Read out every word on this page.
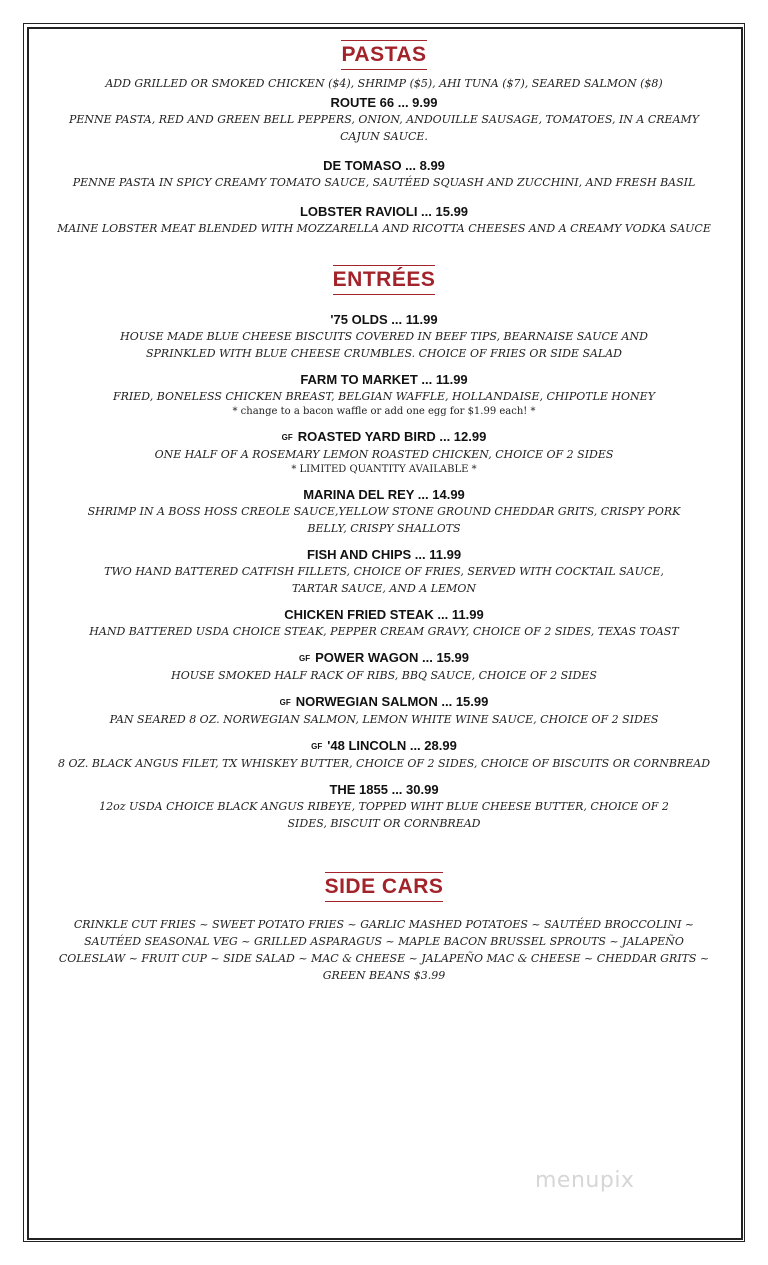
PASTAS
ADD GRILLED OR SMOKED CHICKEN ($4), SHRIMP ($5), AHI TUNA ($7), SEARED SALMON ($8)
ROUTE 66 ... 9.99
PENNE PASTA, RED AND GREEN BELL PEPPERS, ONION, ANDOUILLE SAUSAGE, TOMATOES, IN A CREAMY CAJUN SAUCE.
DE TOMASO ... 8.99
PENNE PASTA IN SPICY CREAMY TOMATO SAUCE, SAUTÉED SQUASH AND ZUCCHINI, AND FRESH BASIL
LOBSTER RAVIOLI ... 15.99
MAINE LOBSTER MEAT BLENDED WITH MOZZARELLA AND RICOTTA CHEESES AND A CREAMY VODKA SAUCE
ENTRÉES
'75 OLDS ... 11.99
HOUSE MADE BLUE CHEESE BISCUITS COVERED IN BEEF TIPS, BEARNAISE SAUCE AND SPRINKLED WITH BLUE CHEESE CRUMBLES. CHOICE OF FRIES OR SIDE SALAD
FARM TO MARKET ... 11.99
FRIED, BONELESS CHICKEN BREAST, BELGIAN WAFFLE, HOLLANDAISE, CHIPOTLE HONEY
* change to a bacon waffle or add one egg for $1.99 each! *
GF ROASTED YARD BIRD ... 12.99
ONE HALF OF A ROSEMARY LEMON ROASTED CHICKEN, CHOICE OF 2 SIDES
* LIMITED QUANTITY AVAILABLE *
MARINA DEL REY ... 14.99
SHRIMP IN A BOSS HOSS CREOLE SAUCE,YELLOW STONE GROUND CHEDDAR GRITS, CRISPY PORK BELLY, CRISPY SHALLOTS
FISH AND CHIPS ... 11.99
TWO HAND BATTERED CATFISH FILLETS, CHOICE OF FRIES, SERVED WITH COCKTAIL SAUCE, TARTAR SAUCE, AND A LEMON
CHICKEN FRIED STEAK ... 11.99
HAND BATTERED USDA CHOICE STEAK, PEPPER CREAM GRAVY, CHOICE OF 2 SIDES, TEXAS TOAST
GF POWER WAGON ... 15.99
HOUSE SMOKED HALF RACK OF RIBS, BBQ SAUCE, CHOICE OF 2 SIDES
GF NORWEGIAN SALMON ... 15.99
PAN SEARED 8 OZ. NORWEGIAN SALMON, LEMON WHITE WINE SAUCE, CHOICE OF 2 SIDES
GF '48 LINCOLN ... 28.99
8 OZ. BLACK ANGUS FILET, TX WHISKEY BUTTER, CHOICE OF 2 SIDES, CHOICE OF BISCUITS OR CORNBREAD
THE 1855 ... 30.99
12oz USDA CHOICE BLACK ANGUS RIBEYE, TOPPED WIHT BLUE CHEESE BUTTER, CHOICE OF 2 SIDES, BISCUIT OR CORNBREAD
SIDE CARS
CRINKLE CUT FRIES ~ SWEET POTATO FRIES ~ GARLIC MASHED POTATOES ~ SAUTÉED BROCCOLINI ~ SAUTÉED SEASONAL VEG ~ GRILLED ASPARAGUS ~ MAPLE BACON BRUSSEL SPROUTS ~ JALAPEÑO COLESLAW ~ FRUIT CUP ~ SIDE SALAD ~ MAC & CHEESE ~ JALAPEÑO MAC & CHEESE ~ CHEDDAR GRITS ~ GREEN BEANS $3.99
menupix
